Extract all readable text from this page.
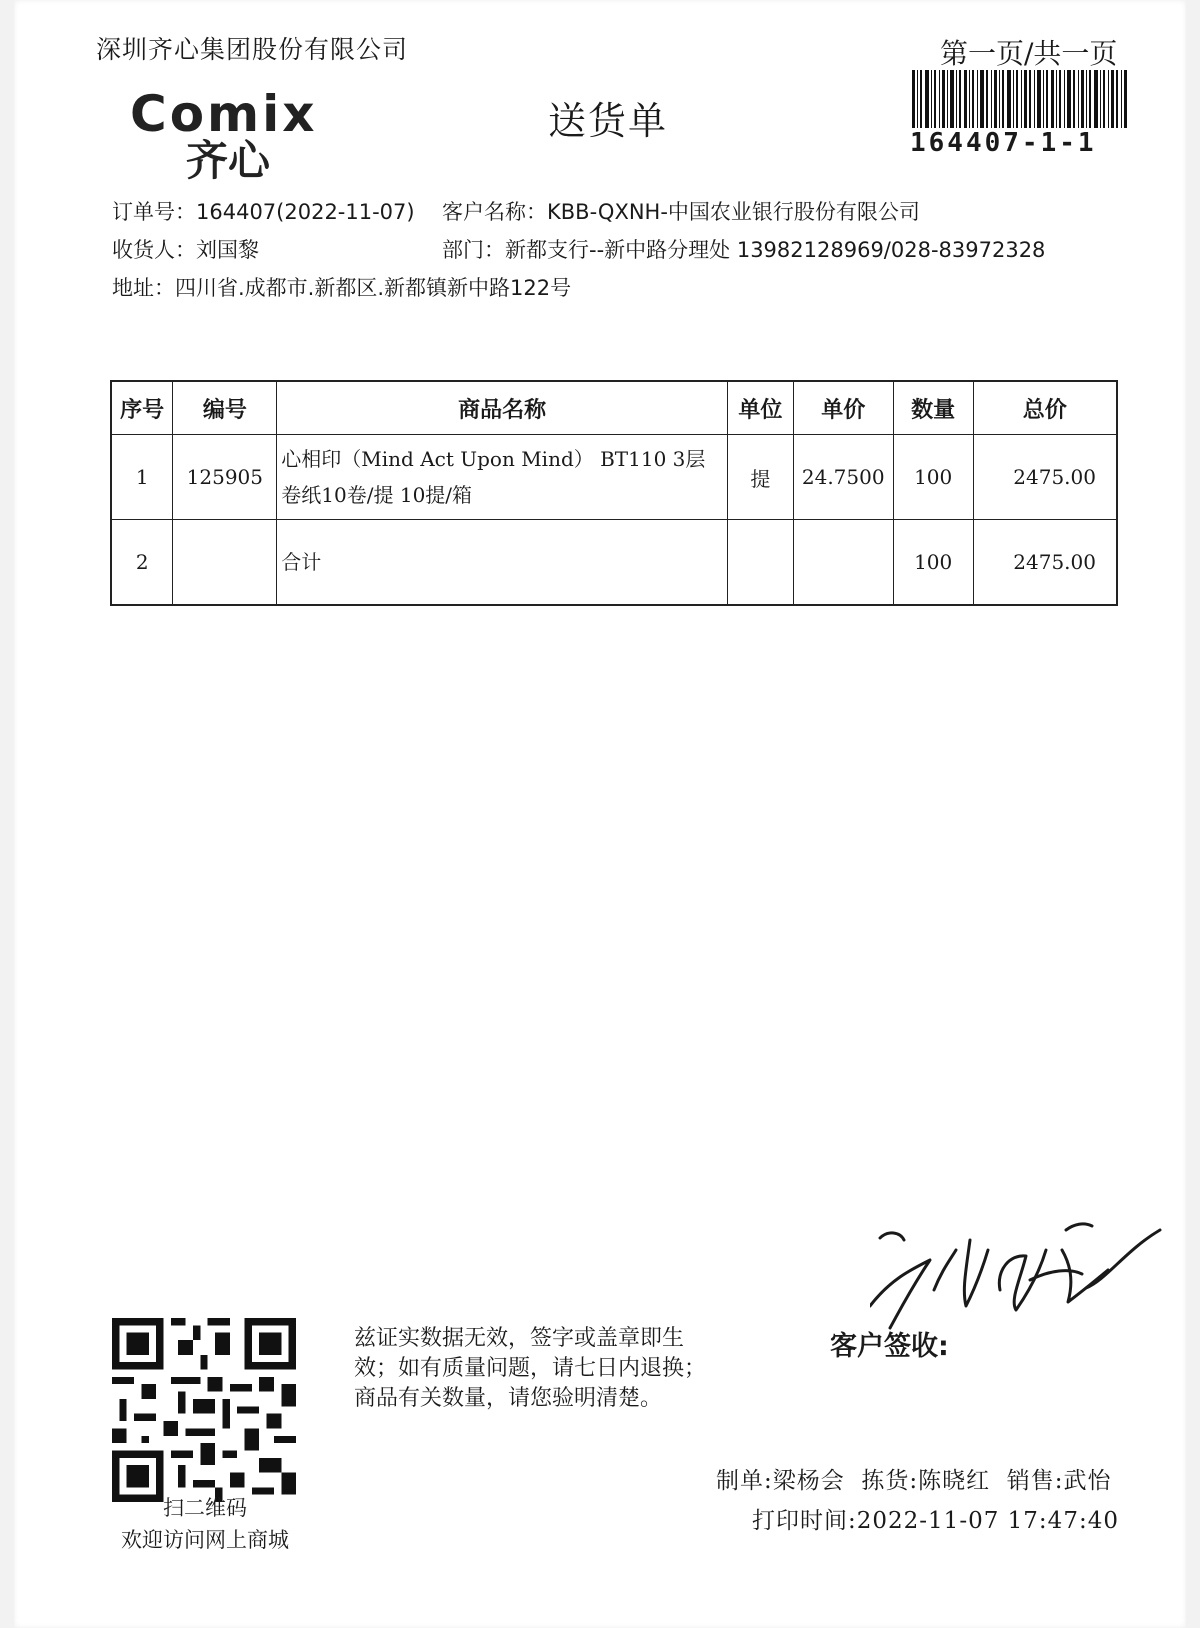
深圳齐心集团股份有限公司	第一页/共一页
Comix
齐心
送货单	164407-1-1
订单号：164407(2022-11-07) 客户名称：KBB-QXNH-中国农业银行股份有限公司
收货人：刘国黎	部门：新都支行--新中路分理处 13982128969/028-83972328
地址：四川省.成都市.新都区.新都镇新中路122号
序号	编号	商品名称	单位	单价	数量	总价
1	125905	心相印（Mind Act Upon Mind） BT110 3层卷纸10卷/提 10提/箱	提	24.7500	100	2475.00
2		合计			100	2475.00
客户签收:
扫二维码
欢迎访问网上商城
兹证实数据无效，签字或盖章即生
效；如有质量问题，请七日内退换；
商品有关数量，请您验明清楚。
制单:梁杨会  拣货:陈晓红  销售:武怡
打印时间:2022-11-07 17:47:40
